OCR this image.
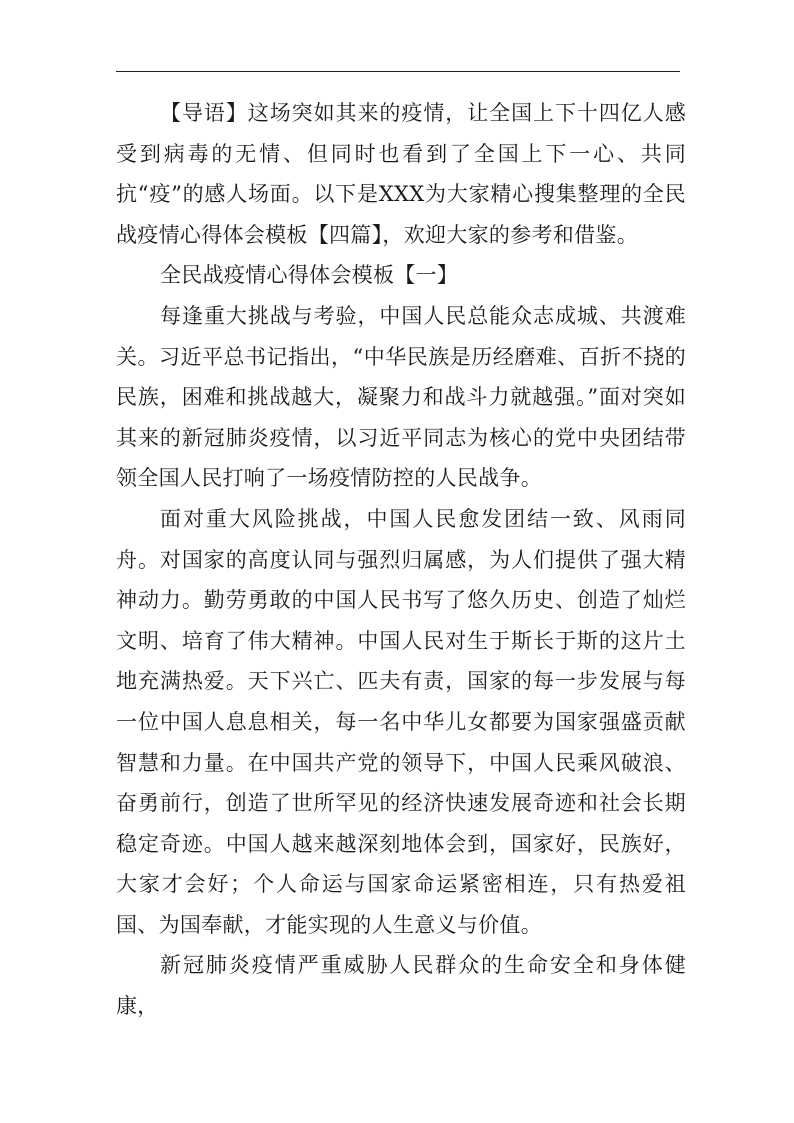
【导语】这场突如其来的疫情，让全国上下十四亿人感受到病毒的无情、但同时也看到了全国上下一心、共同抗“疫”的感人场面。以下是XXX为大家精心搜集整理的全民战疫情心得体会模板【四篇】，欢迎大家的参考和借鉴。

全民战疫情心得体会模板【一】

每逢重大挑战与考验，中国人民总能众志成城、共渡难关。习近平总书记指出，“中华民族是历经磨难、百折不挠的民族，困难和挑战越大，凝聚力和战斗力就越强。”面对突如其来的新冠肺炎疫情，以习近平同志为核心的党中央团结带领全国人民打响了一场疫情防控的人民战争。

面对重大风险挑战，中国人民愈发团结一致、风雨同舟。对国家的高度认同与强烈归属感，为人们提供了强大精神动力。勤劳勇敢的中国人民书写了悠久历史、创造了灿烂文明、培育了伟大精神。中国人民对生于斯长于斯的这片土地充满热爱。天下兴亡、匹夫有责，国家的每一步发展与每一位中国人息息相关，每一名中华儿女都要为国家强盛贡献智慧和力量。在中国共产党的领导下，中国人民乘风破浪、奋勇前行，创造了世所罕见的经济快速发展奇迹和社会长期稳定奇迹。中国人越来越深刻地体会到，国家好，民族好，大家才会好；个人命运与国家命运紧密相连，只有热爱祖国、为国奉献，才能实现的人生意义与价值。

新冠肺炎疫情严重威胁人民群众的生命安全和身体健康，
